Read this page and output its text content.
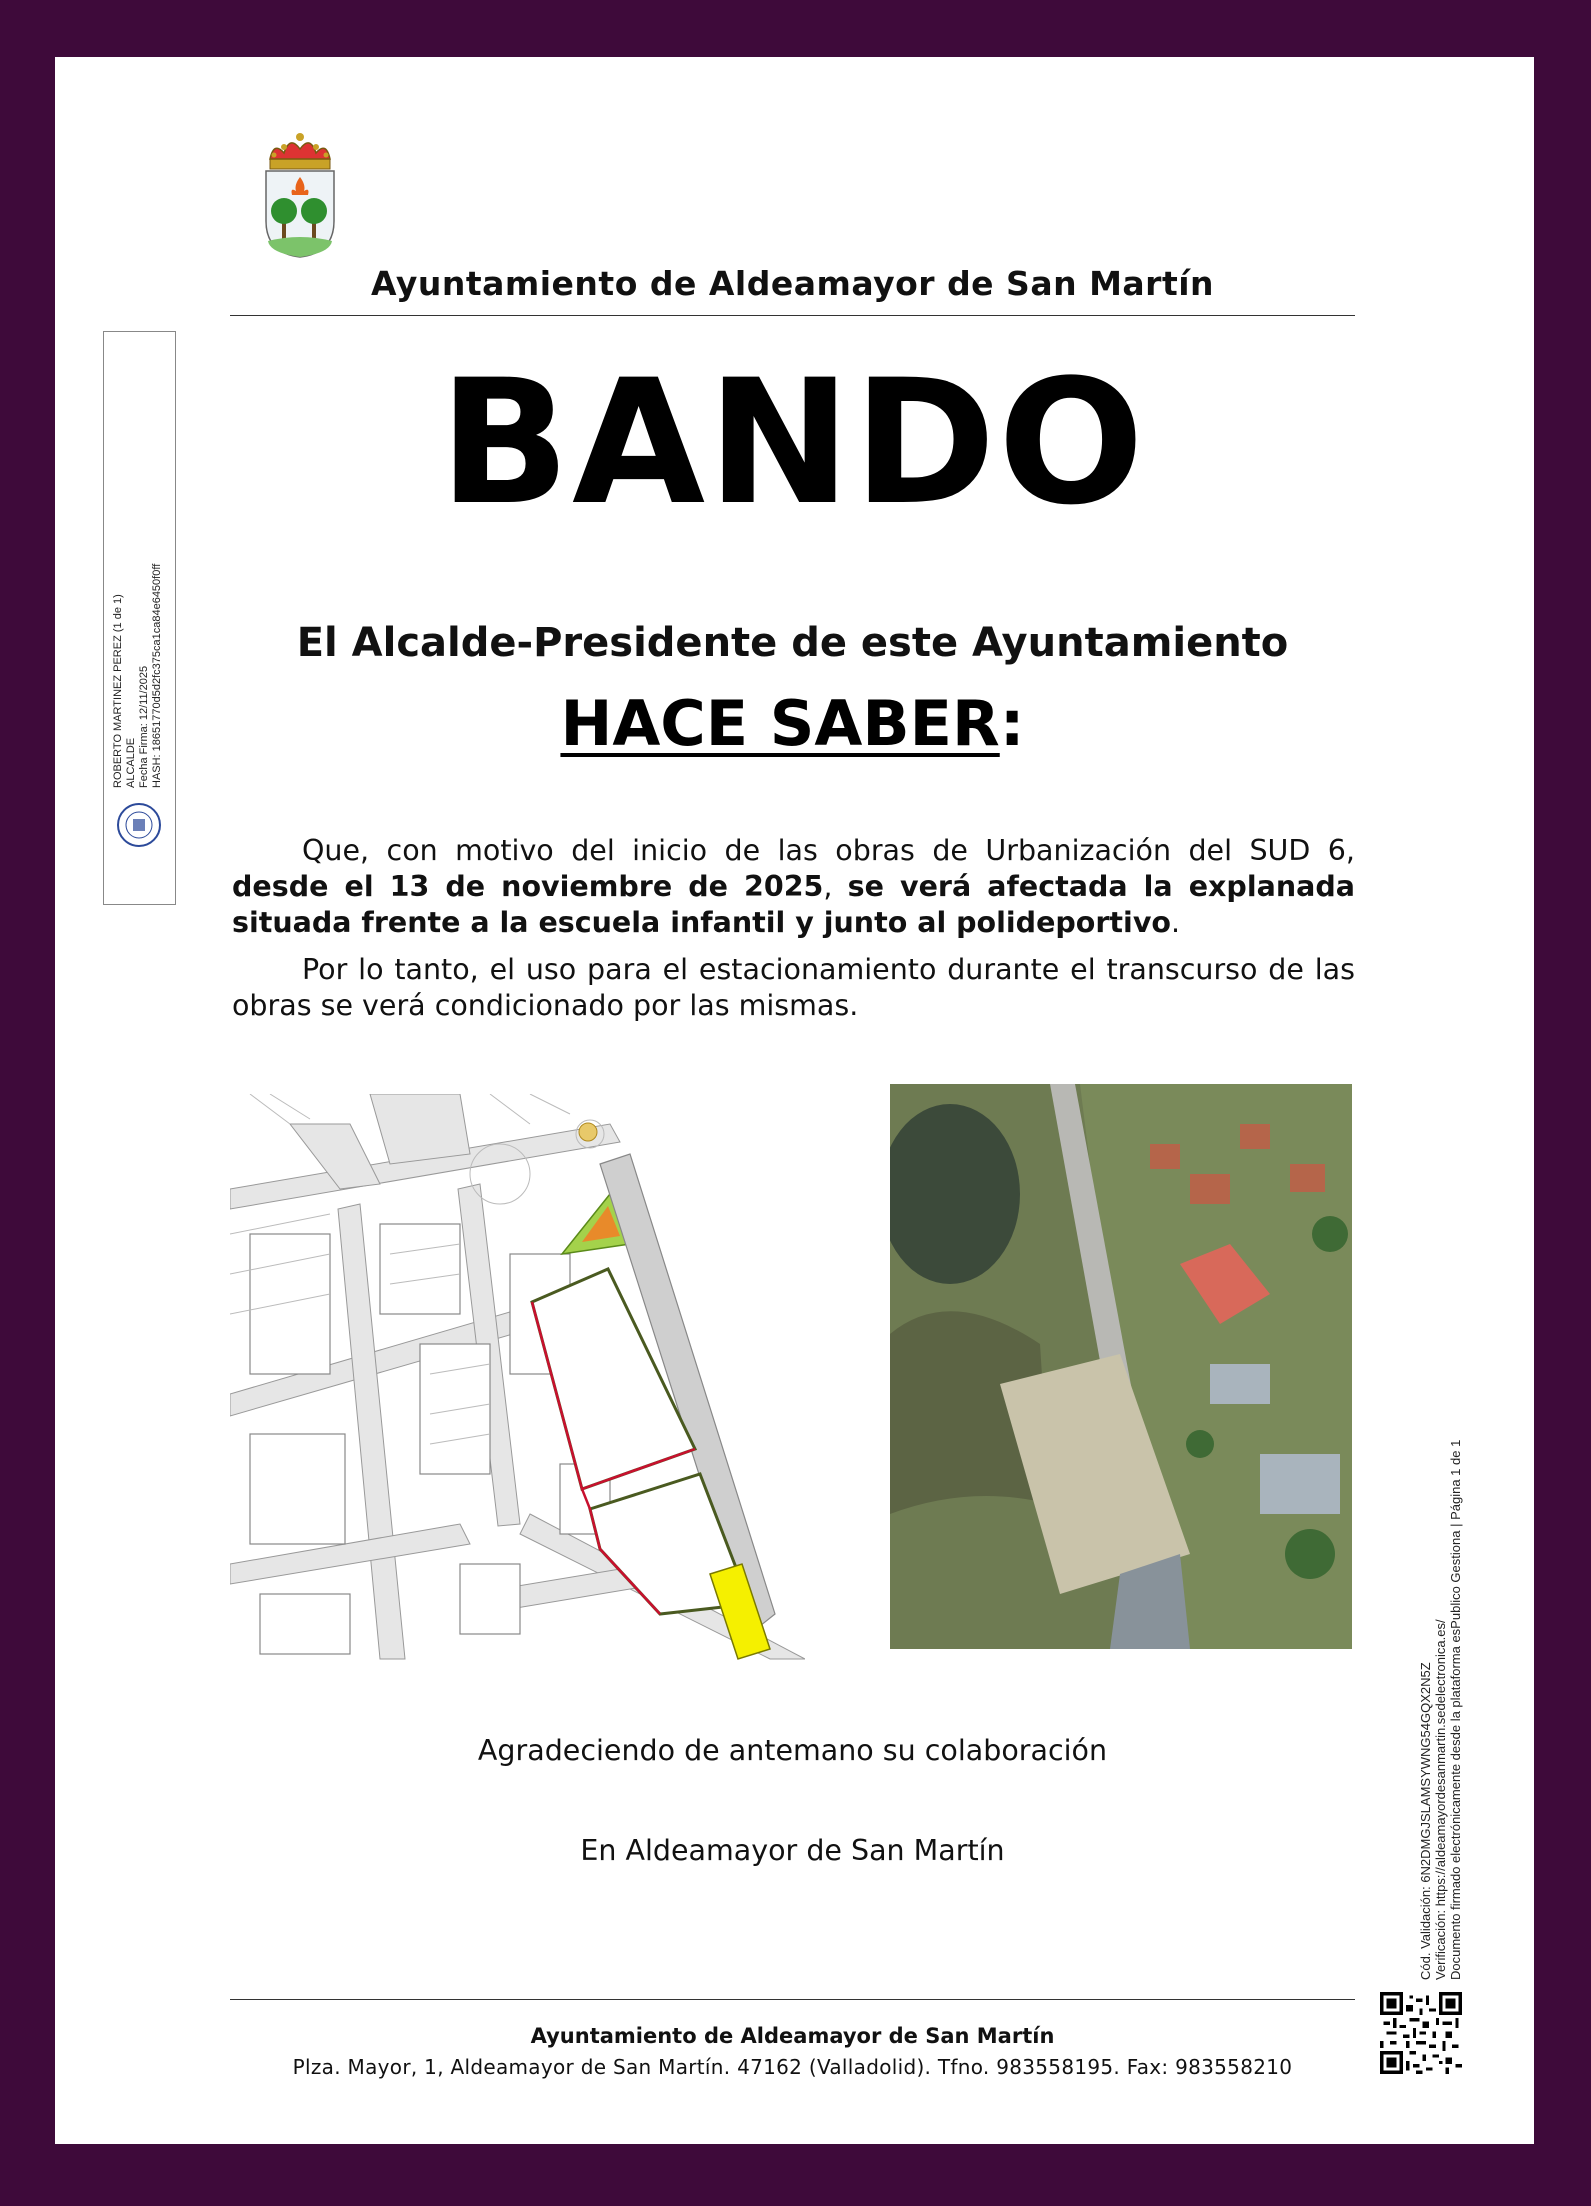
Ayuntamiento de Aldeamayor de San Martín
BANDO
El Alcalde-Presidente de este Ayuntamiento
HACE SABER:
Que, con motivo del inicio de las obras de Urbanización del SUD 6, desde el 13 de noviembre de 2025, se verá afectada la explanada situada frente a la escuela infantil y junto al polideportivo.
Por lo tanto, el uso para el estacionamiento durante el transcurso de las obras se verá condicionado por las mismas.
Agradeciendo de antemano su colaboración
En Aldeamayor de San Martín
Ayuntamiento de Aldeamayor de San Martín
Plza. Mayor, 1, Aldeamayor de San Martín. 47162 (Valladolid). Tfno. 983558195. Fax: 983558210
ROBERTO MARTINEZ PEREZ (1 de 1) ALCALDE Fecha Firma: 12/11/2025 HASH: 18651770d5d2fc375ca1ca84e6450f0ff
Cód. Validación: 6N2DMGJSLAMSYWNG54GQX2N5Z Verificación: https://aldeamayordesanmartin.sedelectronica.es/ Documento firmado electrónicamente desde la plataforma esPublico Gestiona | Página 1 de 1
